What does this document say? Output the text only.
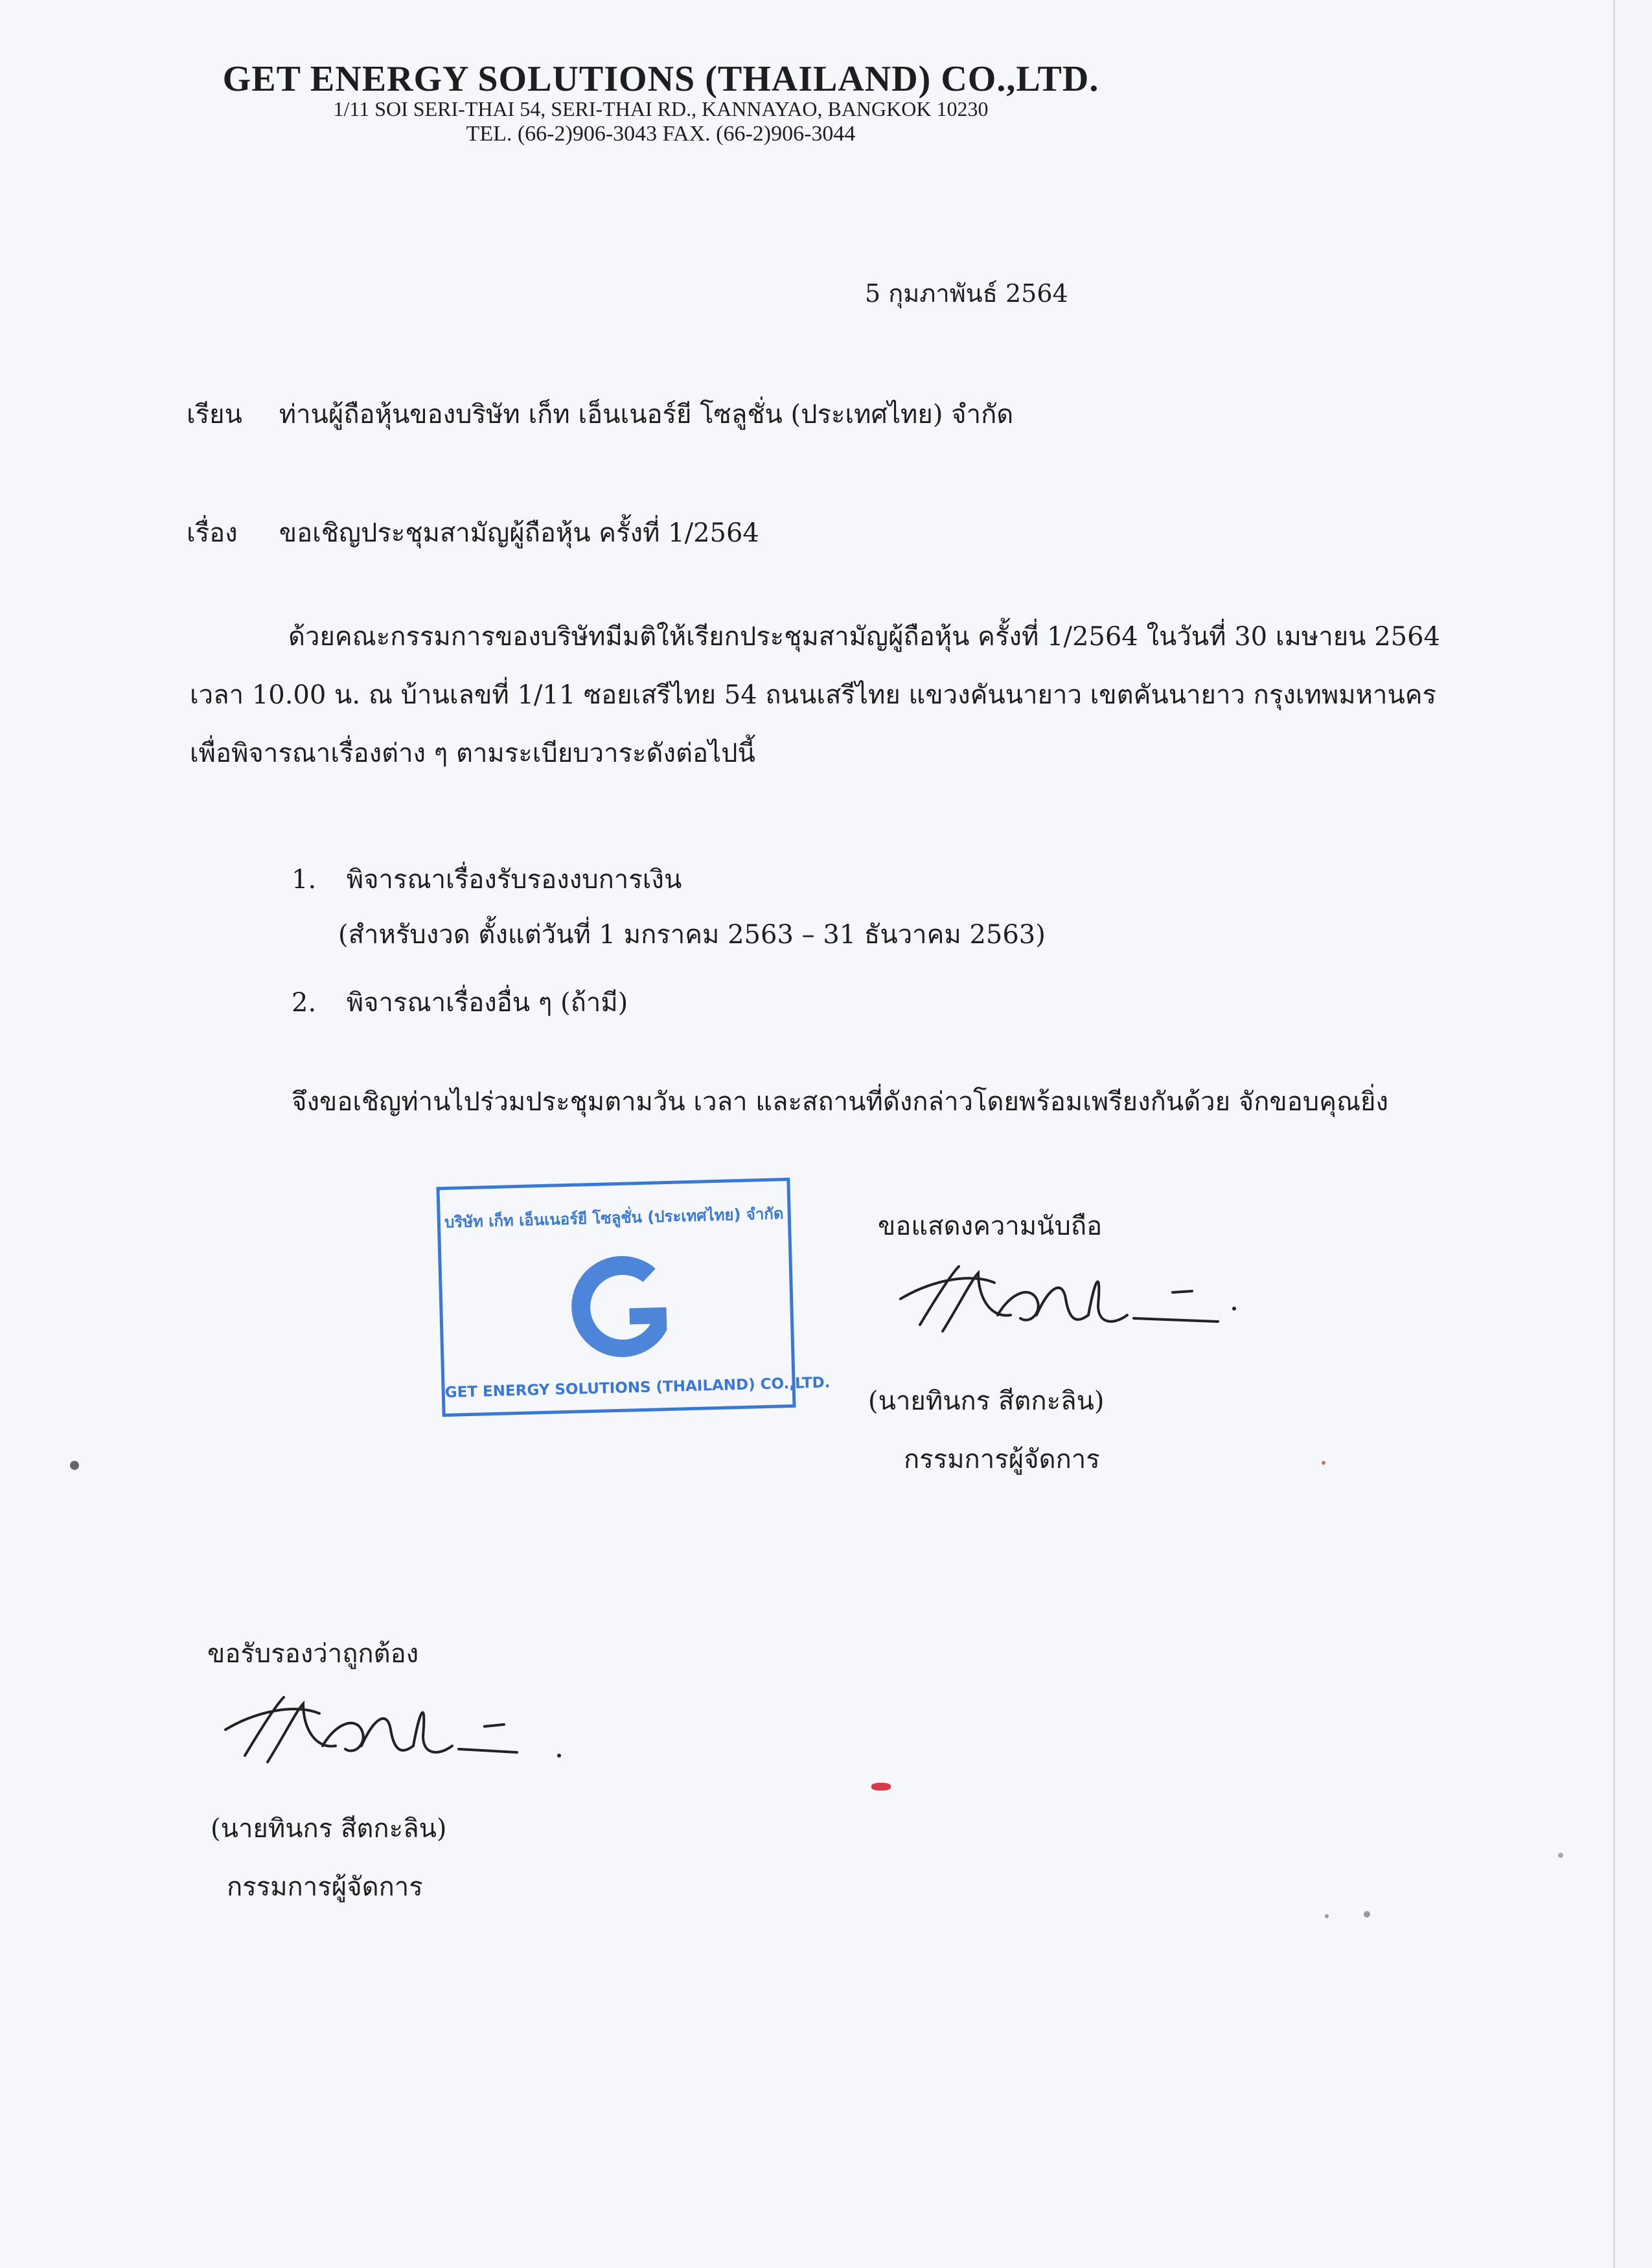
GET ENERGY SOLUTIONS (THAILAND) CO.,LTD.
1/11 SOI SERI-THAI 54, SERI-THAI RD., KANNAYAO, BANGKOK 10230
TEL. (66-2)906-3043 FAX. (66-2)906-3044
5 กุมภาพันธ์ 2564
เรียน ท่านผู้ถือหุ้นของบริษัท เก็ท เอ็นเนอร์ยี โซลูชั่น (ประเทศไทย) จำกัด
เรื่อง ขอเชิญประชุมสามัญผู้ถือหุ้น ครั้งที่ 1/2564
ด้วยคณะกรรมการของบริษัทมีมติให้เรียกประชุมสามัญผู้ถือหุ้น ครั้งที่ 1/2564 ในวันที่ 30 เมษายน 2564
เวลา 10.00 น. ณ บ้านเลขที่ 1/11 ซอยเสรีไทย 54 ถนนเสรีไทย แขวงคันนายาว เขตคันนายาว กรุงเทพมหานคร
เพื่อพิจารณาเรื่องต่าง ๆ ตามระเบียบวาระดังต่อไปนี้
1. พิจารณาเรื่องรับรองงบการเงิน
(สำหรับงวด ตั้งแต่วันที่ 1 มกราคม 2563 – 31 ธันวาคม 2563)
2. พิจารณาเรื่องอื่น ๆ (ถ้ามี)
จึงขอเชิญท่านไปร่วมประชุมตามวัน เวลา และสถานที่ดังกล่าวโดยพร้อมเพรียงกันด้วย จักขอบคุณยิ่ง
บริษัท เก็ท เอ็นเนอร์ยี โซลูชั่น (ประเทศไทย) จำกัด
GET ENERGY SOLUTIONS (THAILAND) CO.,LTD.
ขอแสดงความนับถือ
(นายทินกร สีตกะลิน)
กรรมการผู้จัดการ
ขอรับรองว่าถูกต้อง
(นายทินกร สีตกะลิน)
กรรมการผู้จัดการ
